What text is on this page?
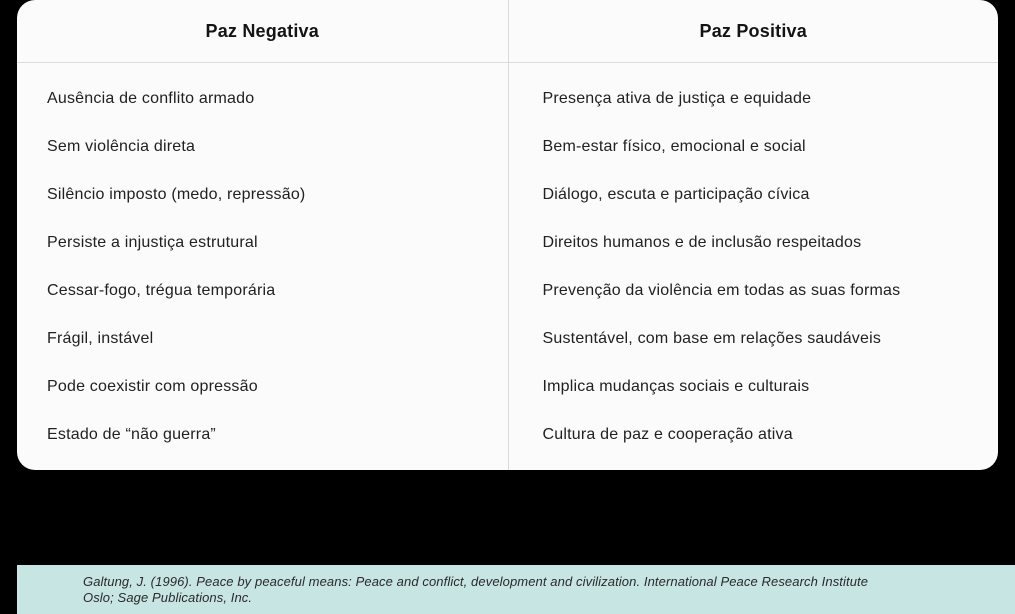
Paz Negativa
Ausência de conflito armado
Sem violência direta
Silêncio imposto (medo, repressão)
Persiste a injustiça estrutural
Cessar-fogo, trégua temporária
Frágil, instável
Pode coexistir com opressão
Estado de “não guerra”
Paz Positiva
Presença ativa de justiça e equidade
Bem-estar físico, emocional e social
Diálogo, escuta e participação cívica
Direitos humanos e de inclusão respeitados
Prevenção da violência em todas as suas formas
Sustentável, com base em relações saudáveis
Implica mudanças sociais e culturais
Cultura de paz e cooperação ativa
Galtung, J. (1996). Peace by peaceful means: Peace and conflict, development and civilization. International Peace Research Institute Oslo; Sage Publications, Inc.
